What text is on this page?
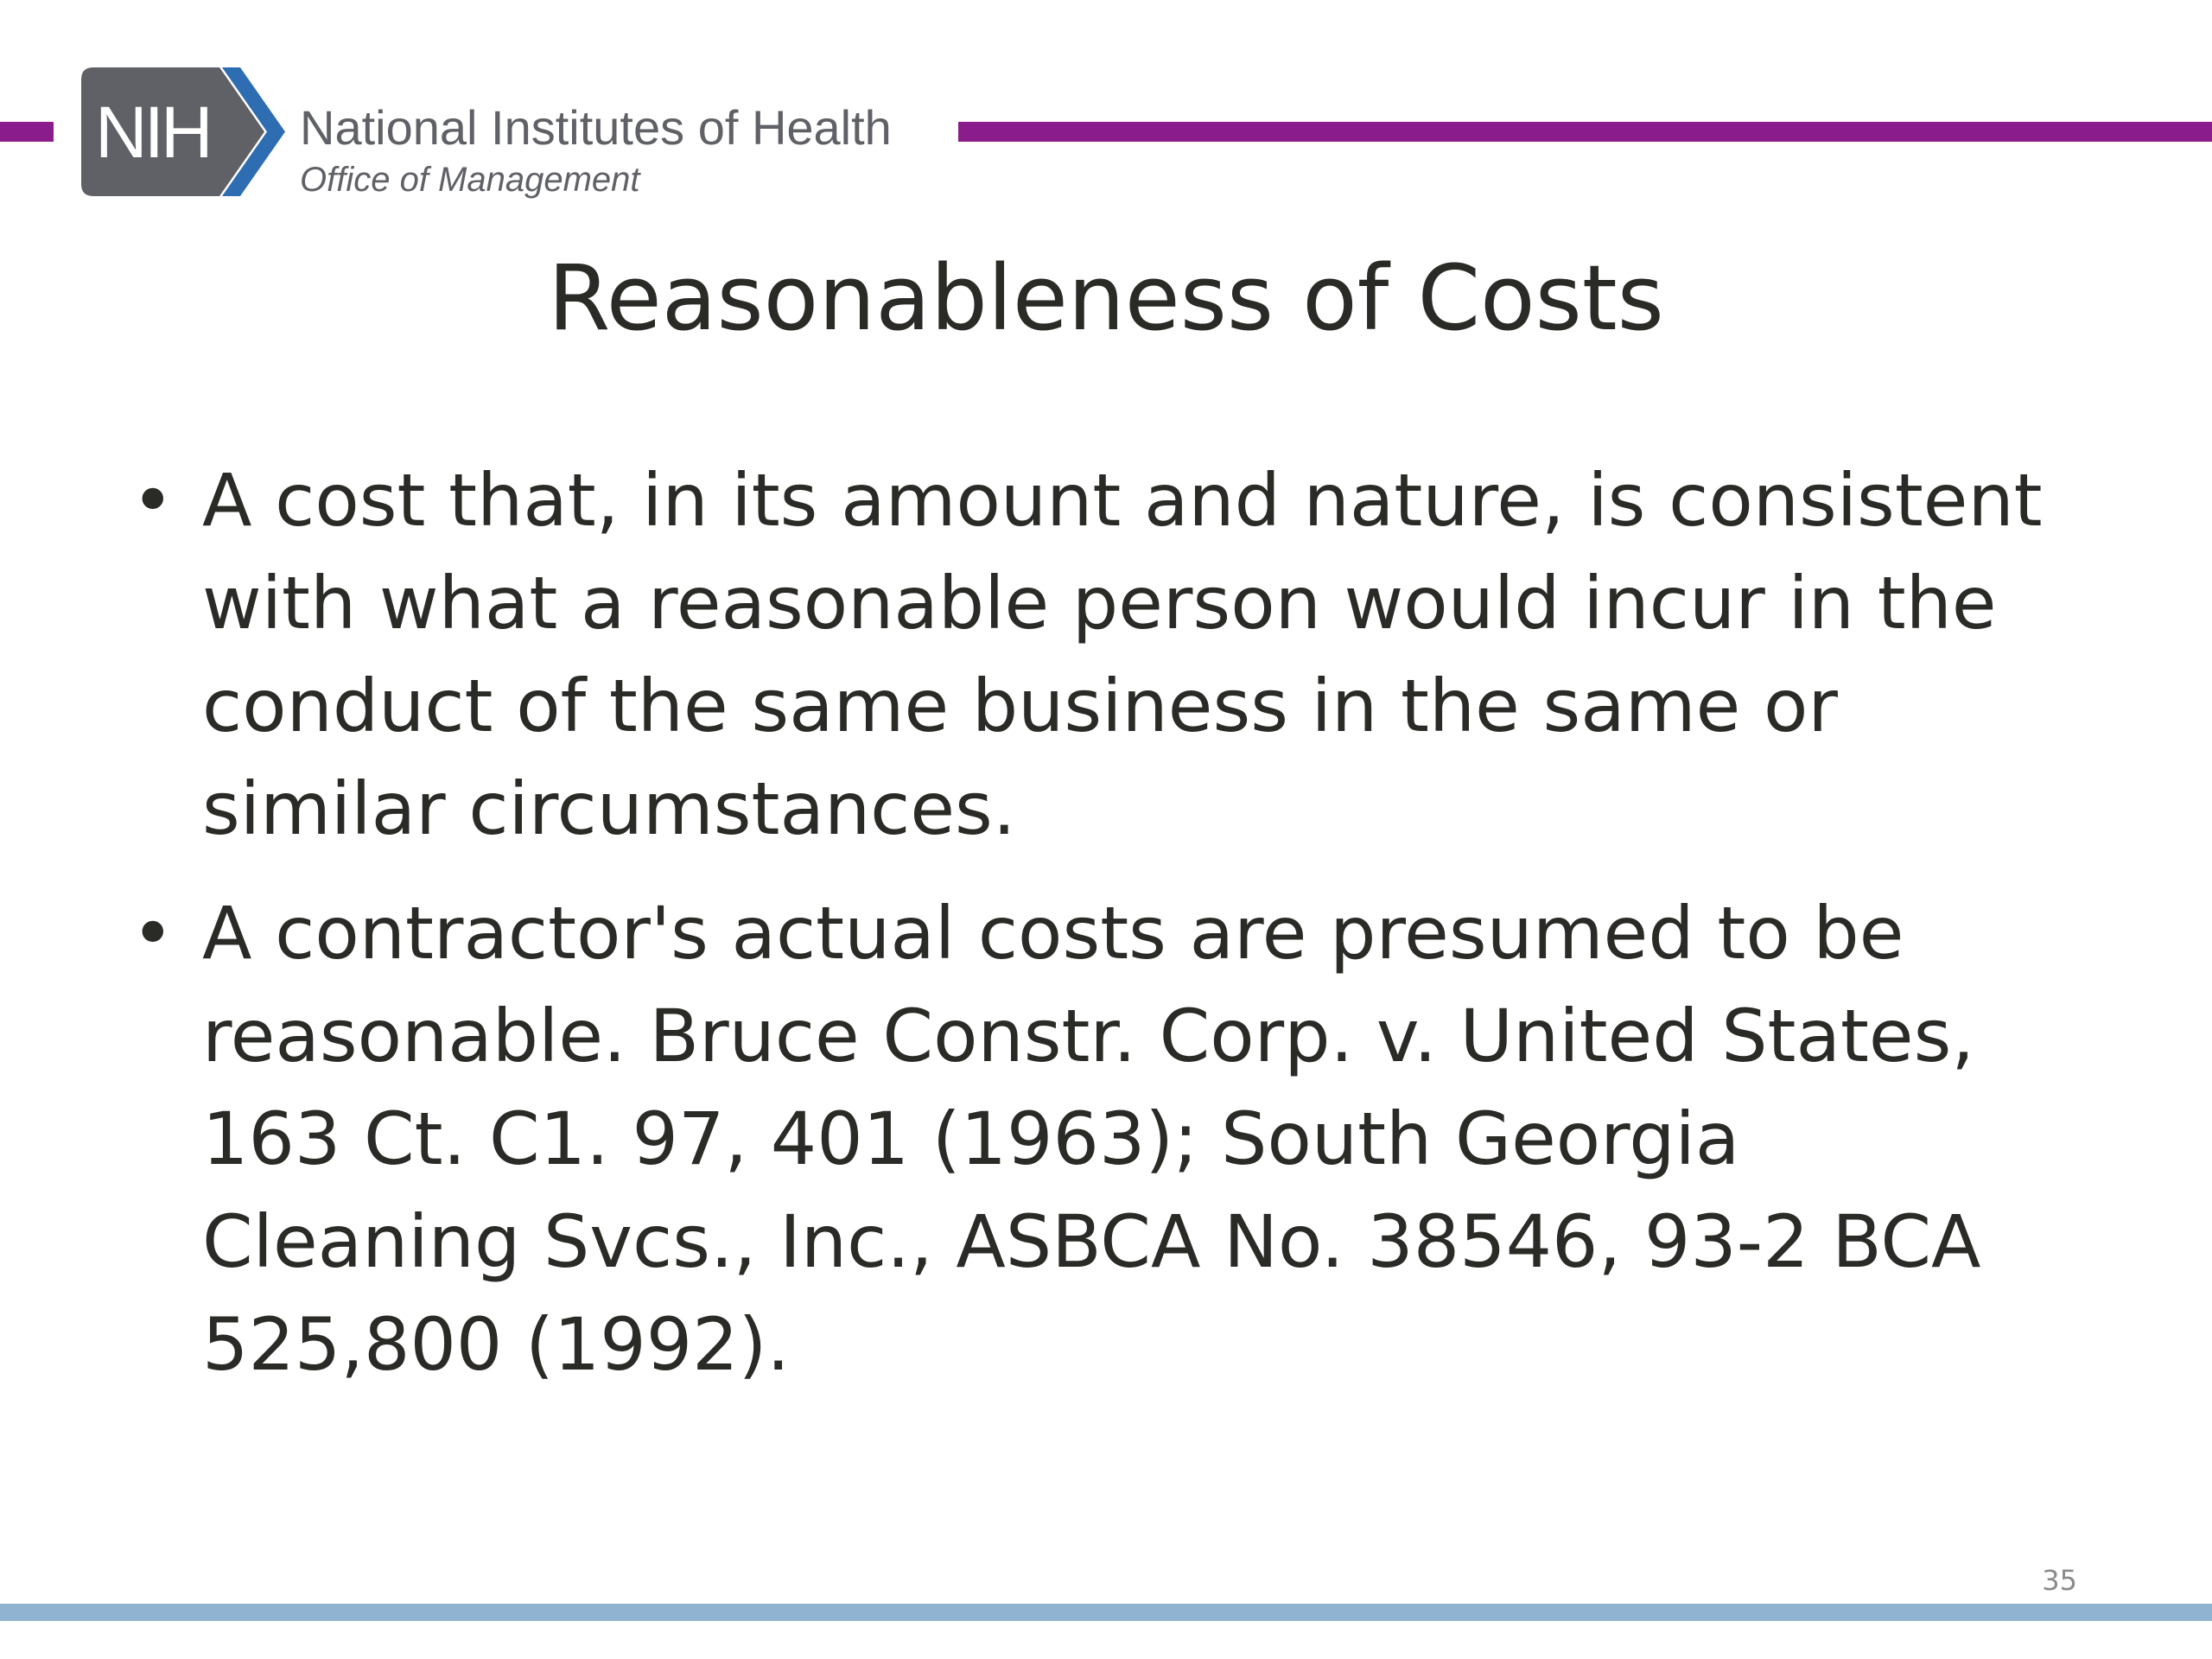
NIH National Institutes of Health
Office of Management
Reasonableness of Costs
• A cost that, in its amount and nature, is consistent with what a reasonable person would incur in the conduct of the same business in the same or similar circumstances.
• A contractor's actual costs are presumed to be reasonable. Bruce Constr. Corp. v. United States, 163 Ct. C1. 97, 401 (1963); South Georgia Cleaning Svcs., Inc., ASBCA No. 38546, 93-2 BCA 525,800 (1992).
35
